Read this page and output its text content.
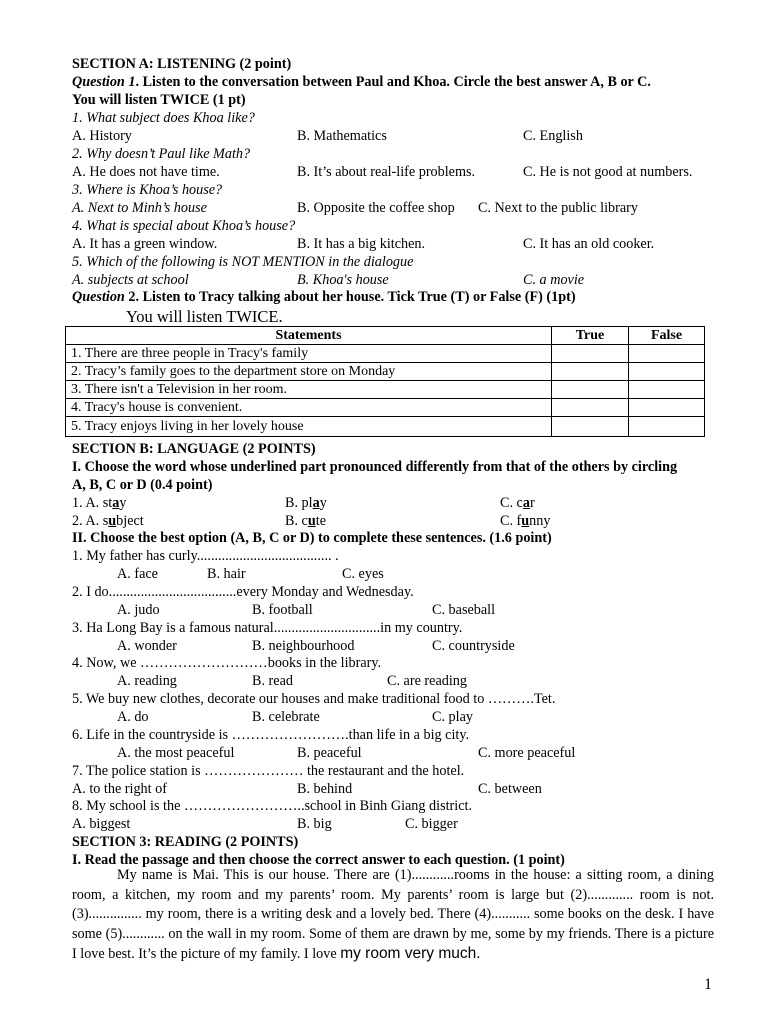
SECTION A: LISTENING (2 point)
Question 1. Listen to the conversation between Paul and Khoa. Circle the best answer A, B or C.
You will listen TWICE (1 pt)
1. What subject does Khoa like?
A. History	B. Mathematics	C. English
2. Why doesn’t Paul like Math?
A. He does not have time.	B. It’s about real-life problems.	C. He is not good at numbers.
3. Where is Khoa’s house?
A. Next to Minh’s house	B. Opposite the coffee shop C. Next to the public library
4. What is special about Khoa’s house?
A. It has a green window.	B. It has a big kitchen.	C. It has an old cooker.
5. Which of the following is NOT MENTION in the dialogue
A. subjects at school	B. Khoa's house	C. a movie
Question 2. Listen to Tracy talking about her house. Tick True (T) or False (F) (1pt)
You will listen TWICE.
Statements	True	False
1. There are three people in Tracy's family		
2. Tracy’s family goes to the department store on Monday		
3. There isn't a Television in her room.		
4. Tracy's house is convenient.		
5. Tracy enjoys living in her lovely house		
SECTION B: LANGUAGE (2 POINTS)
I. Choose the word whose underlined part pronounced differently from that of the others by circling
A, B, C or D (0.4 point)
1. A. stay	B. play	C. car
2. A. subject	B. cute	C. funny
II. Choose the best option (A, B, C or D) to complete these sentences. (1.6 point)
1. My father has curly...................................... .
A. face	B. hair	C. eyes
2. I do....................................every Monday and Wednesday.
A. judo	B. football	C. baseball
3. Ha Long Bay is a famous natural..............................in my country.
A. wonder	B. neighbourhood	C. countryside
4. Now, we ………………………books in the library.
A. reading	B. read	C. are reading
5. We buy new clothes, decorate our houses and make traditional food to ……….Tet.
A. do	B. celebrate	C. play
6. Life in the countryside is …………………….than life in a big city.
A. the most peaceful	B. peaceful	C. more peaceful
7. The police station is ………………… the restaurant and the hotel.
A. to the right of	B. behind	C. between
8. My school is the ……………………..school in Binh Giang district.
A. biggest	B. big	C. bigger
SECTION 3: READING (2 POINTS)
I. Read the passage and then choose the correct answer to each question. (1 point)
My name is Mai. This is our house. There are (1)............rooms in the house: a sitting room, a dining room, a kitchen, my room and my parents’ room. My parents’ room is large but (2)............. room is not. (3)............... my room, there is a writing desk and a lovely bed. There (4)........... some books on the desk. I have some (5)............ on the wall in my room. Some of them are drawn by me, some by my friends. There is a picture I love best. It’s the picture of my family. I love my room very much.
1
